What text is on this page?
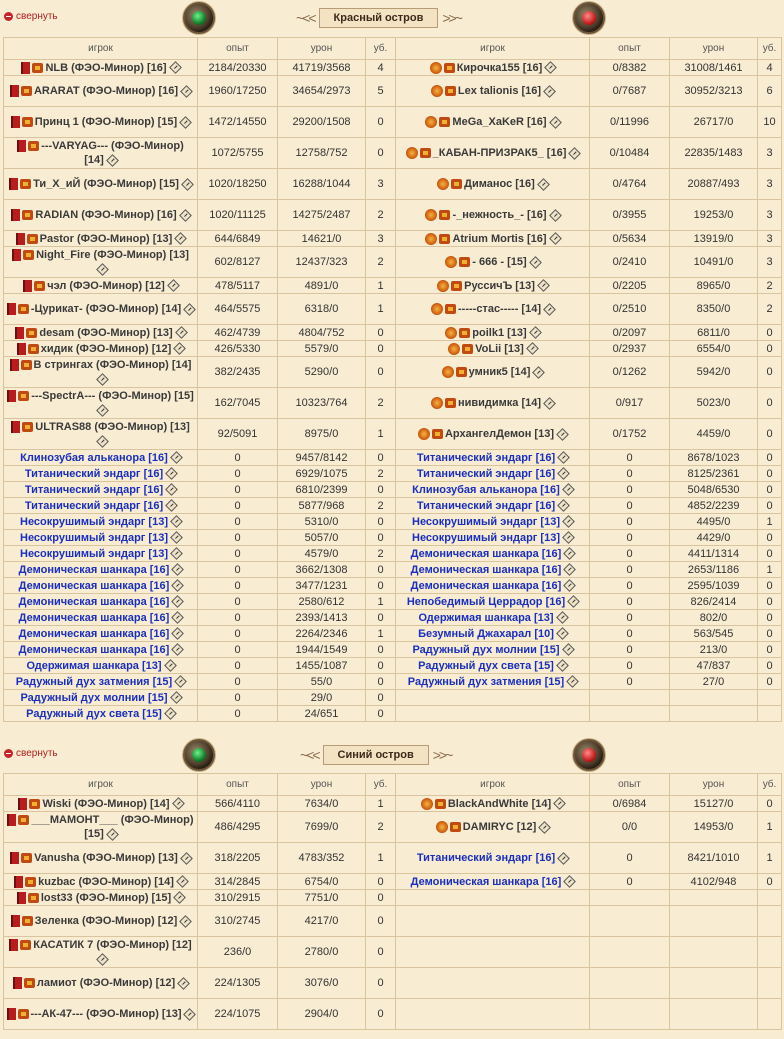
свернуть	~<<	Красный остров	>>~
игрок	опыт	урон	уб.	игрок	опыт	урон	уб.
NLB (ФЭО-Минор) [16]	2184/20330	41719/3568	4	Кирочка155 [16]	0/8382	31008/1461	4
ARARAT (ФЭО-Минор) [16]	1960/17250	34654/2973	5	Lex talionis [16]	0/7687	30952/3213	6
Принц 1 (ФЭО-Минор) [15]	1472/14550	29200/1508	0	MeGa_XaKeR [16]	0/11996	26717/0	10
---VARYAG--- (ФЭО-Минор) [14]	1072/5755	12758/752	0	_КАБАН-ПРИЗРАК5_ [16]	0/10484	22835/1483	3
Ти_Х_иЙ (ФЭО-Минор) [15]	1020/18250	16288/1044	3	Диманос [16]	0/4764	20887/493	3
RADIAN (ФЭО-Минор) [16]	1020/11125	14275/2487	2	-_нежность_- [16]	0/3955	19253/0	3
Pastor (ФЭО-Минор) [13]	644/6849	14621/0	3	Atrium Mortis [16]	0/5634	13919/0	3
Night_Fire (ФЭО-Минор) [13]	602/8127	12437/323	2	- 666 - [15]	0/2410	10491/0	3
чэл (ФЭО-Минор) [12]	478/5117	4891/0	1	РуссичЪ [13]	0/2205	8965/0	2
-Цурикат- (ФЭО-Минор) [14]	464/5575	6318/0	1	-----стас----- [14]	0/2510	8350/0	2
desam (ФЭО-Минор) [13]	462/4739	4804/752	0	poilk1 [13]	0/2097	6811/0	0
хидик (ФЭО-Минор) [12]	426/5330	5579/0	0	VoLii [13]	0/2937	6554/0	0
В стрингах (ФЭО-Минор) [14]	382/2435	5290/0	0	умник5 [14]	0/1262	5942/0	0
---SpectrA--- (ФЭО-Минор) [15]	162/7045	10323/764	2	нивидимка [14]	0/917	5023/0	0
ULTRAS88 (ФЭО-Минор) [13]	92/5091	8975/0	1	АрхангелДемон [13]	0/1752	4459/0	0
Клинозубая альканора [16]	0	9457/8142	0	Титанический эндарг [16]	0	8678/1023	0
Титанический эндарг [16]	0	6929/1075	2	Титанический эндарг [16]	0	8125/2361	0
Титанический эндарг [16]	0	6810/2399	0	Клинозубая альканора [16]	0	5048/6530	0
Титанический эндарг [16]	0	5877/968	2	Титанический эндарг [16]	0	4852/2239	0
Несокрушимый эндарг [13]	0	5310/0	0	Несокрушимый эндарг [13]	0	4495/0	1
Несокрушимый эндарг [13]	0	5057/0	0	Несокрушимый эндарг [13]	0	4429/0	0
Несокрушимый эндарг [13]	0	4579/0	2	Демоническая шанкара [16]	0	4411/1314	0
Демоническая шанкара [16]	0	3662/1308	0	Демоническая шанкара [16]	0	2653/1186	1
Демоническая шанкара [16]	0	3477/1231	0	Демоническая шанкара [16]	0	2595/1039	0
Демоническая шанкара [16]	0	2580/612	1	Непобедимый Церрадор [16]	0	826/2414	0
Демоническая шанкара [16]	0	2393/1413	0	Одержимая шанкара [13]	0	802/0	0
Демоническая шанкара [16]	0	2264/2346	1	Безумный Джахарал [10]	0	563/545	0
Демоническая шанкара [16]	0	1944/1549	0	Радужный дух молнии [15]	0	213/0	0
Одержимая шанкара [13]	0	1455/1087	0	Радужный дух света [15]	0	47/837	0
Радужный дух затмения [15]	0	55/0	0	Радужный дух затмения [15]	0	27/0	0
Радужный дух молнии [15]	0	29/0	0				
Радужный дух света [15]	0	24/651	0				
свернуть	~<<	Синий остров	>>~
игрок	опыт	урон	уб.	игрок	опыт	урон	уб.
Wiski (ФЭО-Минор) [14]	566/4110	7634/0	1	BlackAndWhite [14]	0/6984	15127/0	0
___МАМОНТ___ (ФЭО-Минор) [15]	486/4295	7699/0	2	DAMIRYC [12]	0/0	14953/0	1
Vanusha (ФЭО-Минор) [13]	318/2205	4783/352	1	Титанический эндарг [16]	0	8421/1010	1
kuzbac (ФЭО-Минор) [14]	314/2845	6754/0	0	Демоническая шанкара [16]	0	4102/948	0
lost33 (ФЭО-Минор) [15]	310/2915	7751/0	0				
Зеленка (ФЭО-Минор) [12]	310/2745	4217/0	0				
КАСАТИК 7 (ФЭО-Минор) [12]	236/0	2780/0	0				
ламиот (ФЭО-Минор) [12]	224/1305	3076/0	0				
---АК-47--- (ФЭО-Минор) [13]	224/1075	2904/0	0				
